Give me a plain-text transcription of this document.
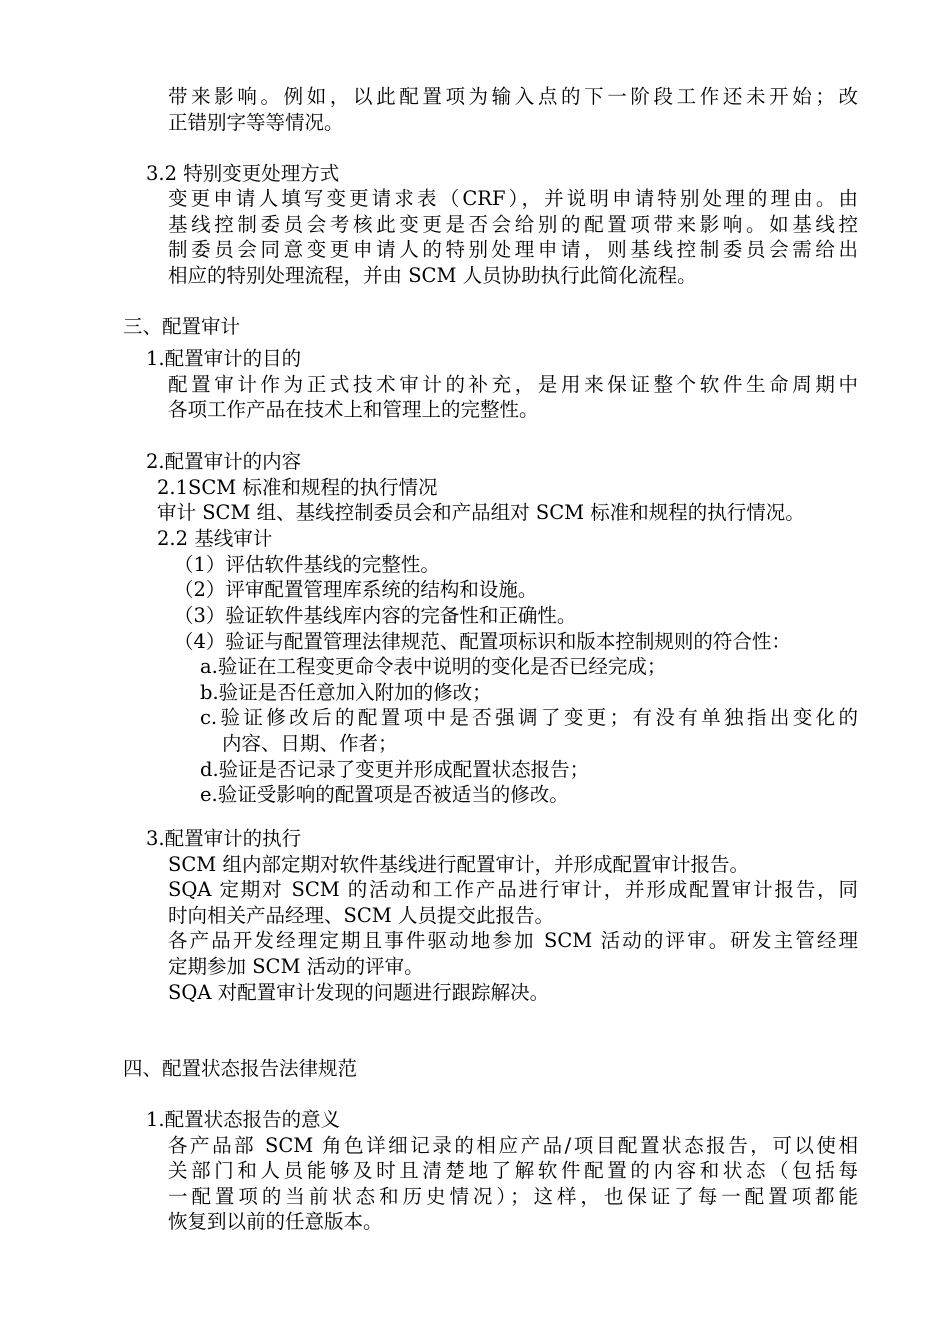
带来影响。例如，以此配置项为输入点的下一阶段工作还未开始；改

正错别字等等情况。

3.2 特别变更处理方式

变更申请人填写变更请求表（CRF），并说明申请特别处理的理由。由

基线控制委员会考核此变更是否会给别的配置项带来影响。如基线控

制委员会同意变更申请人的特别处理申请，则基线控制委员会需给出

相应的特别处理流程，并由 SCM 人员协助执行此简化流程。

三、配置审计

1.配置审计的目的

配置审计作为正式技术审计的补充，是用来保证整个软件生命周期中

各项工作产品在技术上和管理上的完整性。

2.配置审计的内容

2.1SCM 标准和规程的执行情况

审计 SCM 组、基线控制委员会和产品组对 SCM 标准和规程的执行情况。

2.2 基线审计

（1）评估软件基线的完整性。

（2）评审配置管理库系统的结构和设施。

（3）验证软件基线库内容的完备性和正确性。

（4）验证与配置管理法律规范、配置项标识和版本控制规则的符合性：

a.验证在工程变更命令表中说明的变化是否已经完成；

b.验证是否任意加入附加的修改；

c.验证修改后的配置项中是否强调了变更；有没有单独指出变化的

内容、日期、作者；

d.验证是否记录了变更并形成配置状态报告；

e.验证受影响的配置项是否被适当的修改。

3.配置审计的执行

SCM 组内部定期对软件基线进行配置审计，并形成配置审计报告。

SQA 定期对 SCM 的活动和工作产品进行审计，并形成配置审计报告，同

时向相关产品经理、SCM 人员提交此报告。

各产品开发经理定期且事件驱动地参加 SCM 活动的评审。研发主管经理

定期参加 SCM 活动的评审。

SQA 对配置审计发现的问题进行跟踪解决。

四、配置状态报告法律规范

1.配置状态报告的意义

各产品部 SCM 角色详细记录的相应产品/项目配置状态报告，可以使相

关部门和人员能够及时且清楚地了解软件配置的内容和状态（包括每

一配置项的当前状态和历史情况）；这样，也保证了每一配置项都能

恢复到以前的任意版本。
